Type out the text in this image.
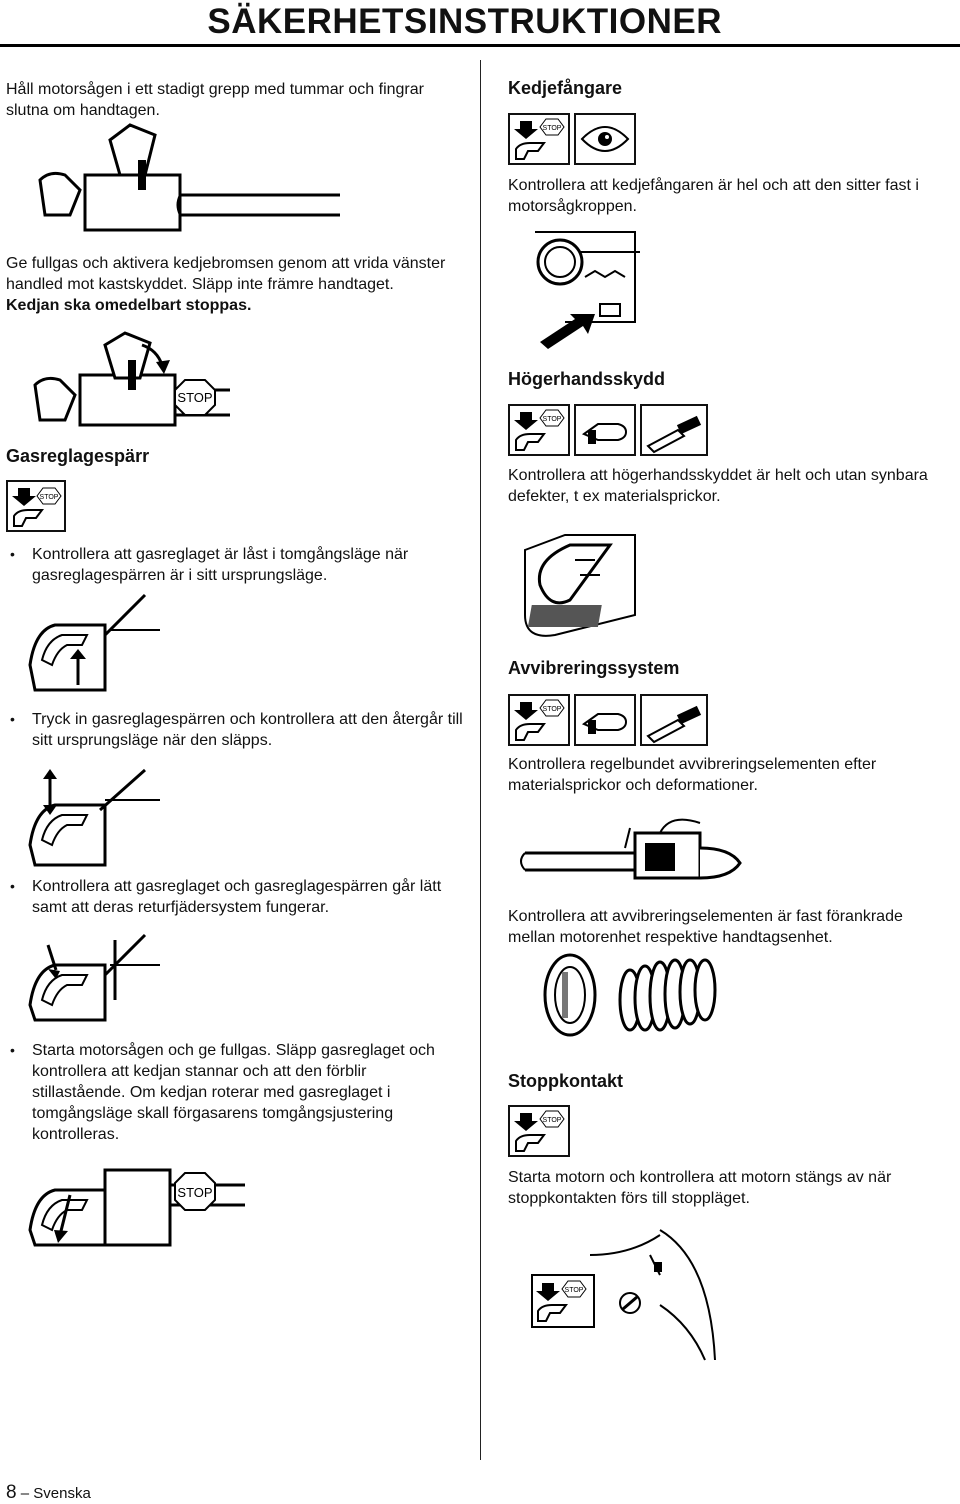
SÄKERHETSINSTRUKTIONER
Håll motorsågen i ett stadigt grepp med tummar och fingrar slutna om handtagen.
Ge fullgas och aktivera kedjebromsen genom att vrida vänster handled mot kastskyddet. Släpp inte främre handtaget. Kedjan ska omedelbart stoppas.
STOP
Gasreglagespärr
STOP
• Kontrollera att gasreglaget är låst i tomgångsläge när gasreglagespärren är i sitt ursprungsläge.
• Tryck in gasreglagespärren och kontrollera att den återgår till sitt ursprungsläge när den släpps.
• Kontrollera att gasreglaget och gasreglagespärren går lätt samt att deras returfjädersystem fungerar.
• Starta motorsågen och ge fullgas. Släpp gasreglaget och kontrollera att kedjan stannar och att den förblir stillastående. Om kedjan roterar med gasreglaget i tomgångsläge skall förgasarens tomgångsjustering kontrolleras.
STOP
Kedjefångare
STOP
Kontrollera att kedjefångaren är hel och att den sitter fast i motorsågkroppen.
Högerhandsskydd
STOP
Kontrollera att högerhandsskyddet är helt och utan synbara defekter, t ex materialsprickor.
Avvibreringssystem
STOP
Kontrollera regelbundet avvibreringselementen efter materialsprickor och deformationer.
Kontrollera att avvibreringselementen är fast förankrade mellan motorenhet respektive handtagsenhet.
Stoppkontakt
STOP
Starta motorn och kontrollera att motorn stängs av när stoppkontakten förs till stoppläget.
STOP
8 – Svenska
